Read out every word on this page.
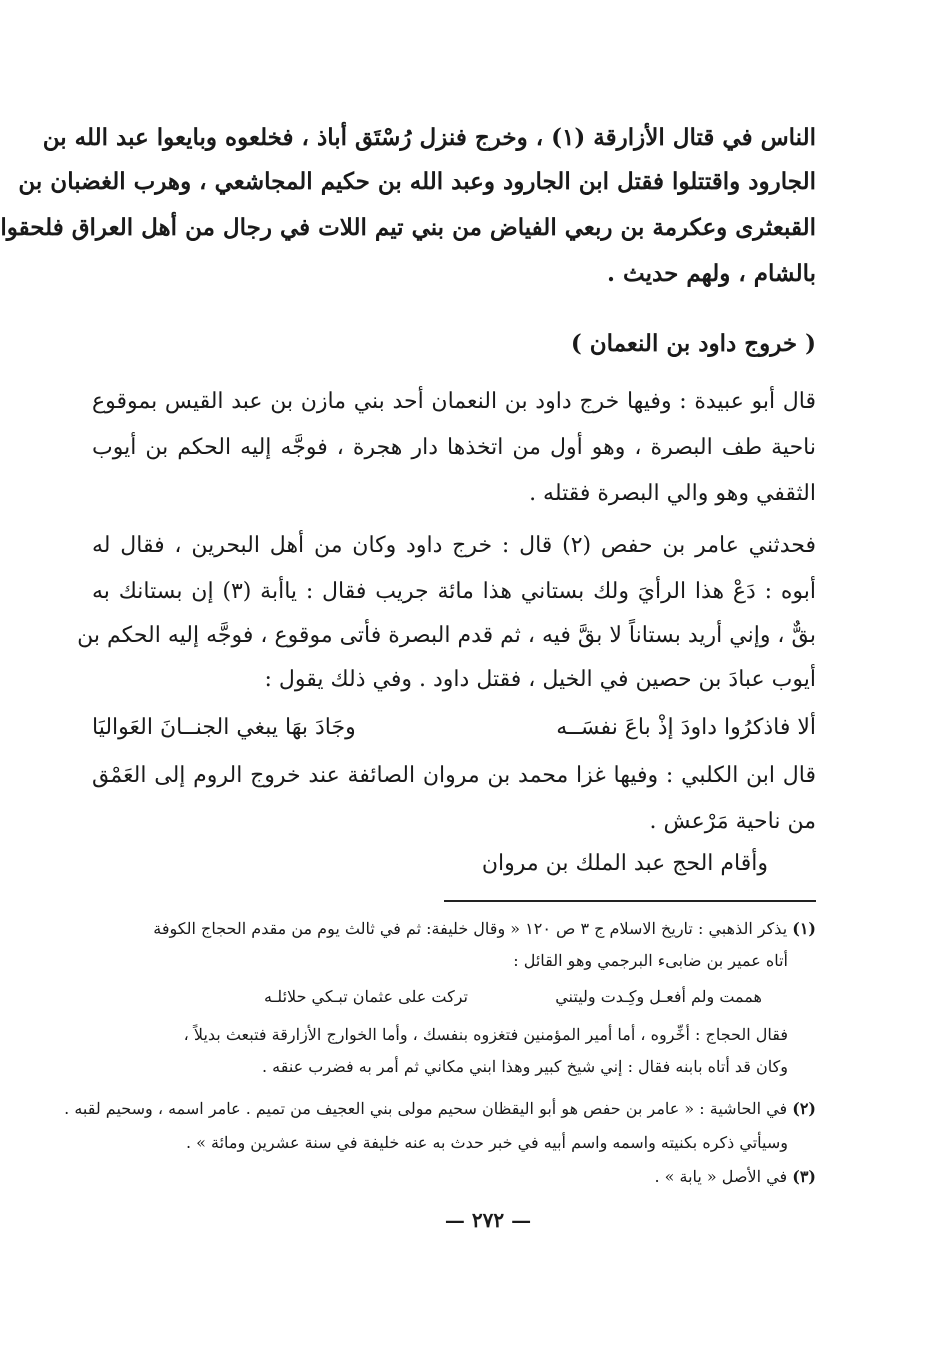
الناس في قتال الأزارقة (١) ، وخرج فنزل رُسْتَق أباذ ، فخلعوه وبايعوا عبد الله بن
الجارود واقتتلوا فقتل ابن الجارود وعبد الله بن حكيم المجاشعي ، وهرب الغضبان بن
القبعثرى وعكرمة بن ربعي الفياض من بني تيم اللات في رجال من أهل العراق فلحقوا
بالشام ، ولهم حديث .
( خروج داود بن النعمان )
قال أبو عبيدة : وفيها خرج داود بن النعمان أحد بني مازن بن عبد القيس بموقوع
ناحية طف البصرة ، وهو أول من اتخذها دار هجرة ، فوجَّه إليه الحكم بن أيوب
الثقفي وهو والي البصرة فقتله .
فحدثني عامر بن حفص (٢) قال : خرج داود وكان من أهل البحرين ، فقال له
أبوه : دَعْ هذا الرأيَ ولك بستاني هذا مائة جريب فقال : ياأبة (٣) إن بستانك به
بقٌّ ، وإني أريد بستاناً لا بقَّ فيه ، ثم قدم البصرة فأتى موقوع ، فوجَّه إليه الحكم بن
أيوب عبادَ بن حصين في الخيل ، فقتل داود . وفي ذلك يقول :
ألا فاذكرُوا داودَ إذْ باعَ نفسَــه
وجَادَ بهَا يبغي الجنــانَ العَواليَا
قال ابن الكلبي : وفيها غزا محمد بن مروان الصائفة عند خروج الروم إلى العَمْق
من ناحية مَرْعش .
وأقام الحج عبد الملك بن مروان
(١) يذكر الذهبي : تاريخ الاسلام ج ٣ ص ١٢٠ « وقال خليفة: ثم في ثالث يوم من مقدم الحجاج الكوفة
أتاه عمير بن ضابىء البرجمي وهو القائل :
هممت ولم أفعـل وكِـدت وليتني
تركت على عثمان تبـكي حلائلـه
فقال الحجاج : أخِّروه ، أما أمير المؤمنين فتغزوه بنفسك ، وأما الخوارج الأزارقة فتبعث بديلاً ،
وكان قد أتاه بابنه فقال : إني شيخ كبير وهذا ابني مكاني ثم أمر به فضرب عنقه .
(٢) في الحاشية : « عامر بن حفص هو أبو اليقظان سحيم مولى بني العجيف من تميم . عامر اسمه ، وسحيم لقبه .
وسيأتي ذكره بكنيته واسمه واسم أبيه في خبر حدث به عنه خليفة في سنة عشرين ومائة » .
(٣) في الأصل « يابة » .
— ٢٧٢ —
